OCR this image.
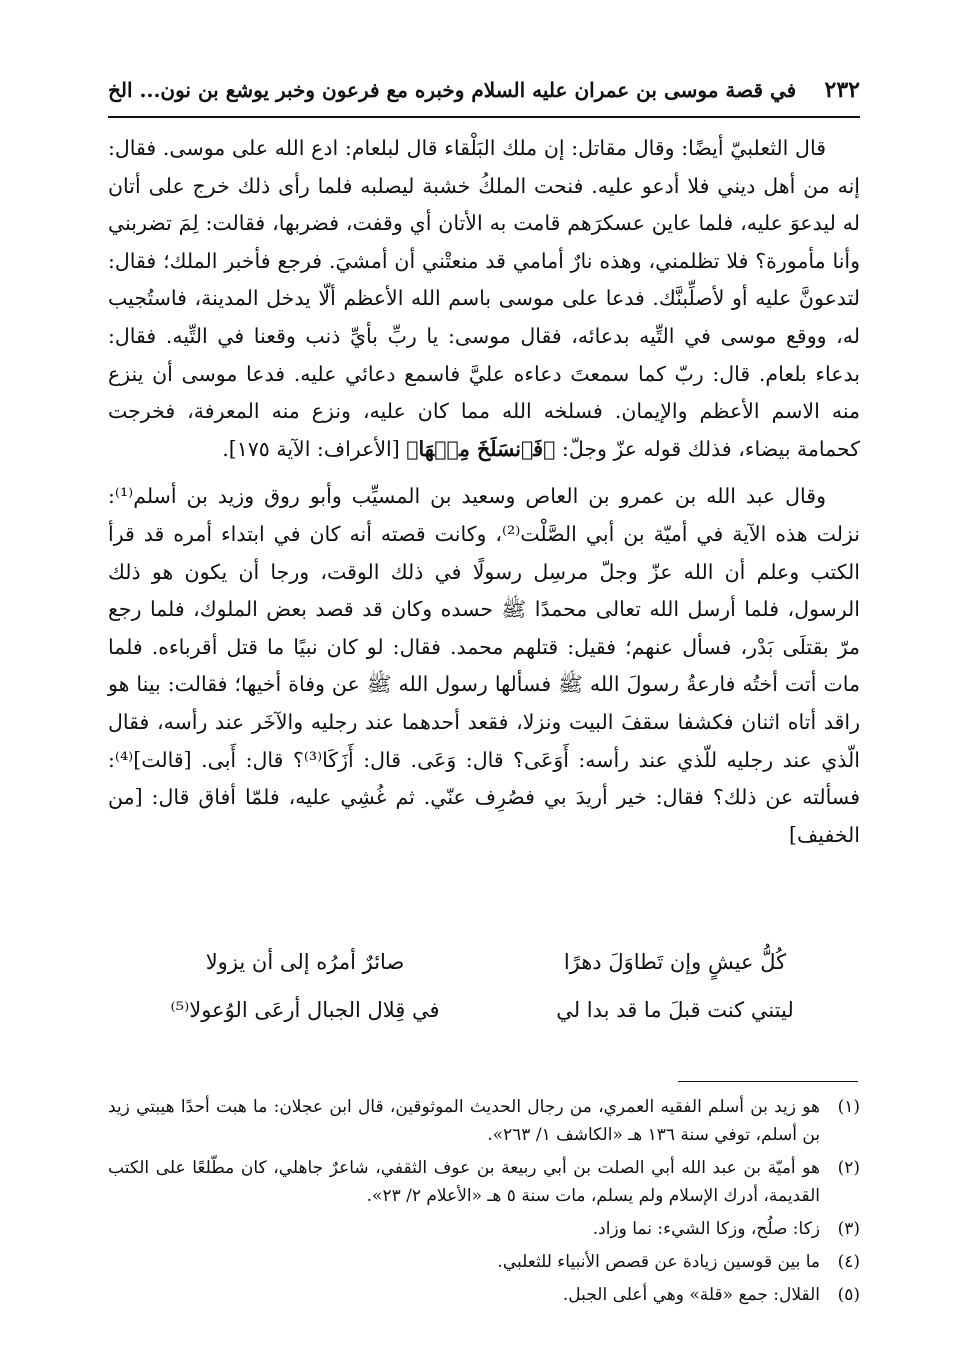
٢٣٢
في قصة موسى بن عمران عليه السلام وخبره مع فرعون وخبر يوشع بن نون... الخ

قال الثعلبيّ أيضًا: وقال مقاتل: إن ملك البَلْقاء قال لبلعام: ادع الله على موسى. فقال: إنه من أهل ديني فلا أدعو عليه. فنحت الملكُ خشبة ليصلبه فلما رأى ذلك خرج على أتان له ليدعوَ عليه، فلما عاين عسكرَهم قامت به الأتان أي وقفت، فضربها، فقالت: لِمَ تضربني وأنا مأمورة؟ فلا تظلمني، وهذه نارٌ أمامي قد منعتْني أن أمشيَ. فرجع فأخبر الملك؛ فقال: لتدعونَّ عليه أو لأصلِّبنَّك. فدعا على موسى باسم الله الأعظم ألّا يدخل المدينة، فاستُجيب له، ووقع موسى في التِّيه بدعائه، فقال موسى: يا ربِّ بأيِّ ذنب وقعنا في التِّيه. فقال: بدعاء بلعام. قال: ربّ كما سمعتَ دعاءه عليَّ فاسمع دعائي عليه. فدعا موسى أن ينزع منه الاسم الأعظم والإيمان. فسلخه الله مما كان عليه، ونزع منه المعرفة، فخرجت كحمامة بيضاء، فذلك قوله عزّ وجلّ: ﴿فَٱنسَلَخَ مِنۡهَا﴾ [الأعراف: الآية ١٧٥].

وقال عبد الله بن عمرو بن العاص وسعيد بن المسيِّب وأبو روق وزيد بن أسلم⁽¹⁾: نزلت هذه الآية في أميّة بن أبي الصَّلْت⁽²⁾، وكانت قصته أنه كان في ابتداء أمره قد قرأ الكتب وعلم أن الله عزّ وجلّ مرسِل رسولًا في ذلك الوقت، ورجا أن يكون هو ذلك الرسول، فلما أرسل الله تعالى محمدًا ﷺ حسده وكان قد قصد بعض الملوك، فلما رجع مرّ بقتلَى بَدْر، فسأل عنهم؛ فقيل: قتلهم محمد. فقال: لو كان نبيًا ما قتل أقرباءه. فلما مات أتت أختُه فارعةُ رسولَ الله ﷺ فسألها رسول الله ﷺ عن وفاة أخيها؛ فقالت: بينا هو راقد أتاه اثنان فكشفا سقفَ البيت ونزلا، فقعد أحدهما عند رجليه والآخَر عند رأسه، فقال الّذي عند رجليه للّذي عند رأسه: أَوَعَى؟ قال: وَعَى. قال: أَزَكَا⁽³⁾؟ قال: أَبى. [قالت]⁽⁴⁾: فسألته عن ذلك؟ فقال: خير أريدَ بي فصُرِف عنّي. ثم غُشِي عليه، فلمّا أفاق قال: [من الخفيف]

كُلُّ عيشٍ وإن تَطاوَلَ دهرًا
صائرٌ أمرُه إلى أن يزولا
ليتني كنت قبلَ ما قد بدا لي
في قِلال الجبال أرعَى الوُعولا⁽⁵⁾
(١)
هو زيد بن أسلم الفقيه العمري، من رجال الحديث الموثوقين، قال ابن عجلان: ما هبت أحدًا هيبتي زيد بن أسلم، توفي سنة ١٣٦ هـ «الكاشف ١/ ٢٦٣».
(٢)
هو أميّة بن عبد الله أبي الصلت بن أبي ربيعة بن عوف الثقفي، شاعرٌ جاهلي، كان مطّلعًا على الكتب القديمة، أدرك الإسلام ولم يسلم، مات سنة ٥ هـ «الأعلام ٢/ ٢٣».
(٣)
زكا: صلُح، وزكا الشيء: نما وزاد.
(٤)
ما بين قوسين زيادة عن قصص الأنبياء للثعلبي.
(٥)
القلال: جمع «قلة» وهي أعلى الجبل.
